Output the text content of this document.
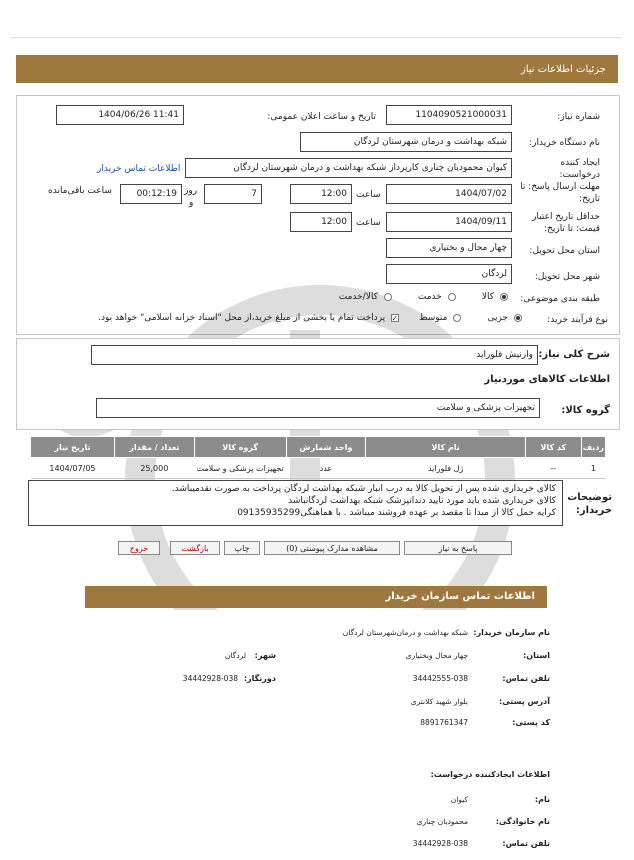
جزئیات اطلاعات نیاز
شماره نیاز:
1104090521000031
تاریخ و ساعت اعلان عمومی:
1404/06/26 11:41
نام دستگاه خریدار:
شبکه بهداشت و درمان شهرستان لردگان
ایجاد کننده
درخواست:
کیوان محمودیان چناری کارپرداز شبکه بهداشت و درمان شهرستان لردگان
اطلاعات تماس خریدار
مهلت ارسال پاسخ: تا
تاریخ:
1404/07/02
ساعت
12:00
7
روز
و
00:12:19
ساعت باقی‌مانده
حداقل تاریخ اعتبار
قیمت: تا تاریخ:
1404/09/11
ساعت
12:00
استان محل تحویل:
چهار محال و بختیاری
شهر محل تحویل:
لردگان
طبقه بندی موضوعی:
کالا
خدمت
کالا/خدمت
نوع فرآیند خرید:
جزیی
متوسط
✓
پرداخت تمام یا بخشی از مبلغ خرید،از محل "اسناد خزانه اسلامی" خواهد بود.
شرح کلی نیاز:
وارنیش فلوراید
اطلاعات کالاهای موردنیاز
گروه کالا:
تجهیزات پزشکی و سلامت
ردیف	کد کالا	نام کالا	واحد شمارش	گروه کالا	تعداد / مقدار	تاریخ نیاز
1	--	ژل فلوراید	عدد	تجهیزات پزشکی و سلامت	25,000	1404/07/05
توضیحات
خریدار:
کالای خریداری شده پس از تحویل کالا به درب انبار شبکه بهداشت لردگان پرداخت به صورت نقدمیباشد.
کالای خریداری شده باید مورد تایید دندانپزشک شبکه بهداشت لردگانباشد
کرایه حمل کالا از مبدا تا مقصد بر عهده فروشند میباشد . با هماهنگی09135935299
پاسخ به نیاز
مشاهده مدارک پیوستی (0)
چاپ
بازگشت
خروج
اطلاعات تماس سازمان خریدار
نام سازمان خریدار:
شبکه بهداشت و درمان‌شهرستان لردگان
استان:
چهار محال وبختیاری
شهر:
لردگان
تلفن تماس:
34442555-038
دورنگار:
34442928-038
آدرس پستی:
بلوار شهید کلانتری
کد پستی:
8891761347
اطلاعات ایجادکننده درخواست:
نام:
کیوان
نام خانوادگی:
محمودیان چناری
تلفن تماس:
34442928-038
